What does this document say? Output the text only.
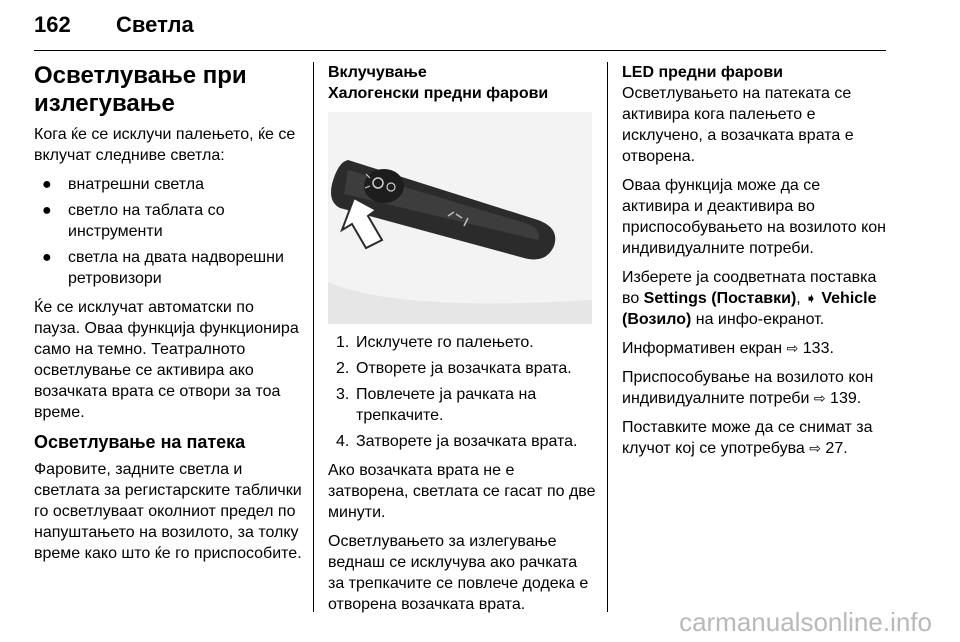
162 Светла
Осветлување при излегување

Кога ќе се исклучи палењето, ќе се вклучат следниве светла:

● внатрешни светла
● светло на таблата со инструменти
● светла на двата надворешни ретровизори

Ќе се исклучат автоматски по пауза. Оваа функција функционира само на темно. Театралното осветлување се активира ако возачката врата се отвори за тоа време.

Осветлување на патека

Фаровите, задните светла и светлата за регистарските таблички го осветлуваат околниот предел по напуштањето на возилото, за толку време како што ќе го приспособите.

Вклучување
Халогенски предни фарови
1. Исклучете го палењето.
2. Отворете ја возачката врата.
3. Повлечете ја рачката на трепкачите.
4. Затворете ја возачката врата.

Ако возачката врата не е затворена, светлата се гасат по две минути.

Осветлувањето за излегување веднаш се исклучува ако рачката за трепкачите се повлече додека е отворена возачката врата.

LED предни фарови

Осветлувањето на патеката се активира кога палењето е исклучено, а возачката врата е отворена.

Оваа функција може да се активира и деактивира во приспособувањето на возилото кон индивидуалните потреби.

Изберете ја соодветната поставка во Settings (Поставки), ➧ Vehicle (Возило) на инфо-екранот.

Информативен екран ⇨ 133.

Приспособување на возилото кон индивидуалните потреби ⇨ 139.

Поставките може да се снимат за клучот кој се употребува ⇨ 27.

carmanualsonline.info
